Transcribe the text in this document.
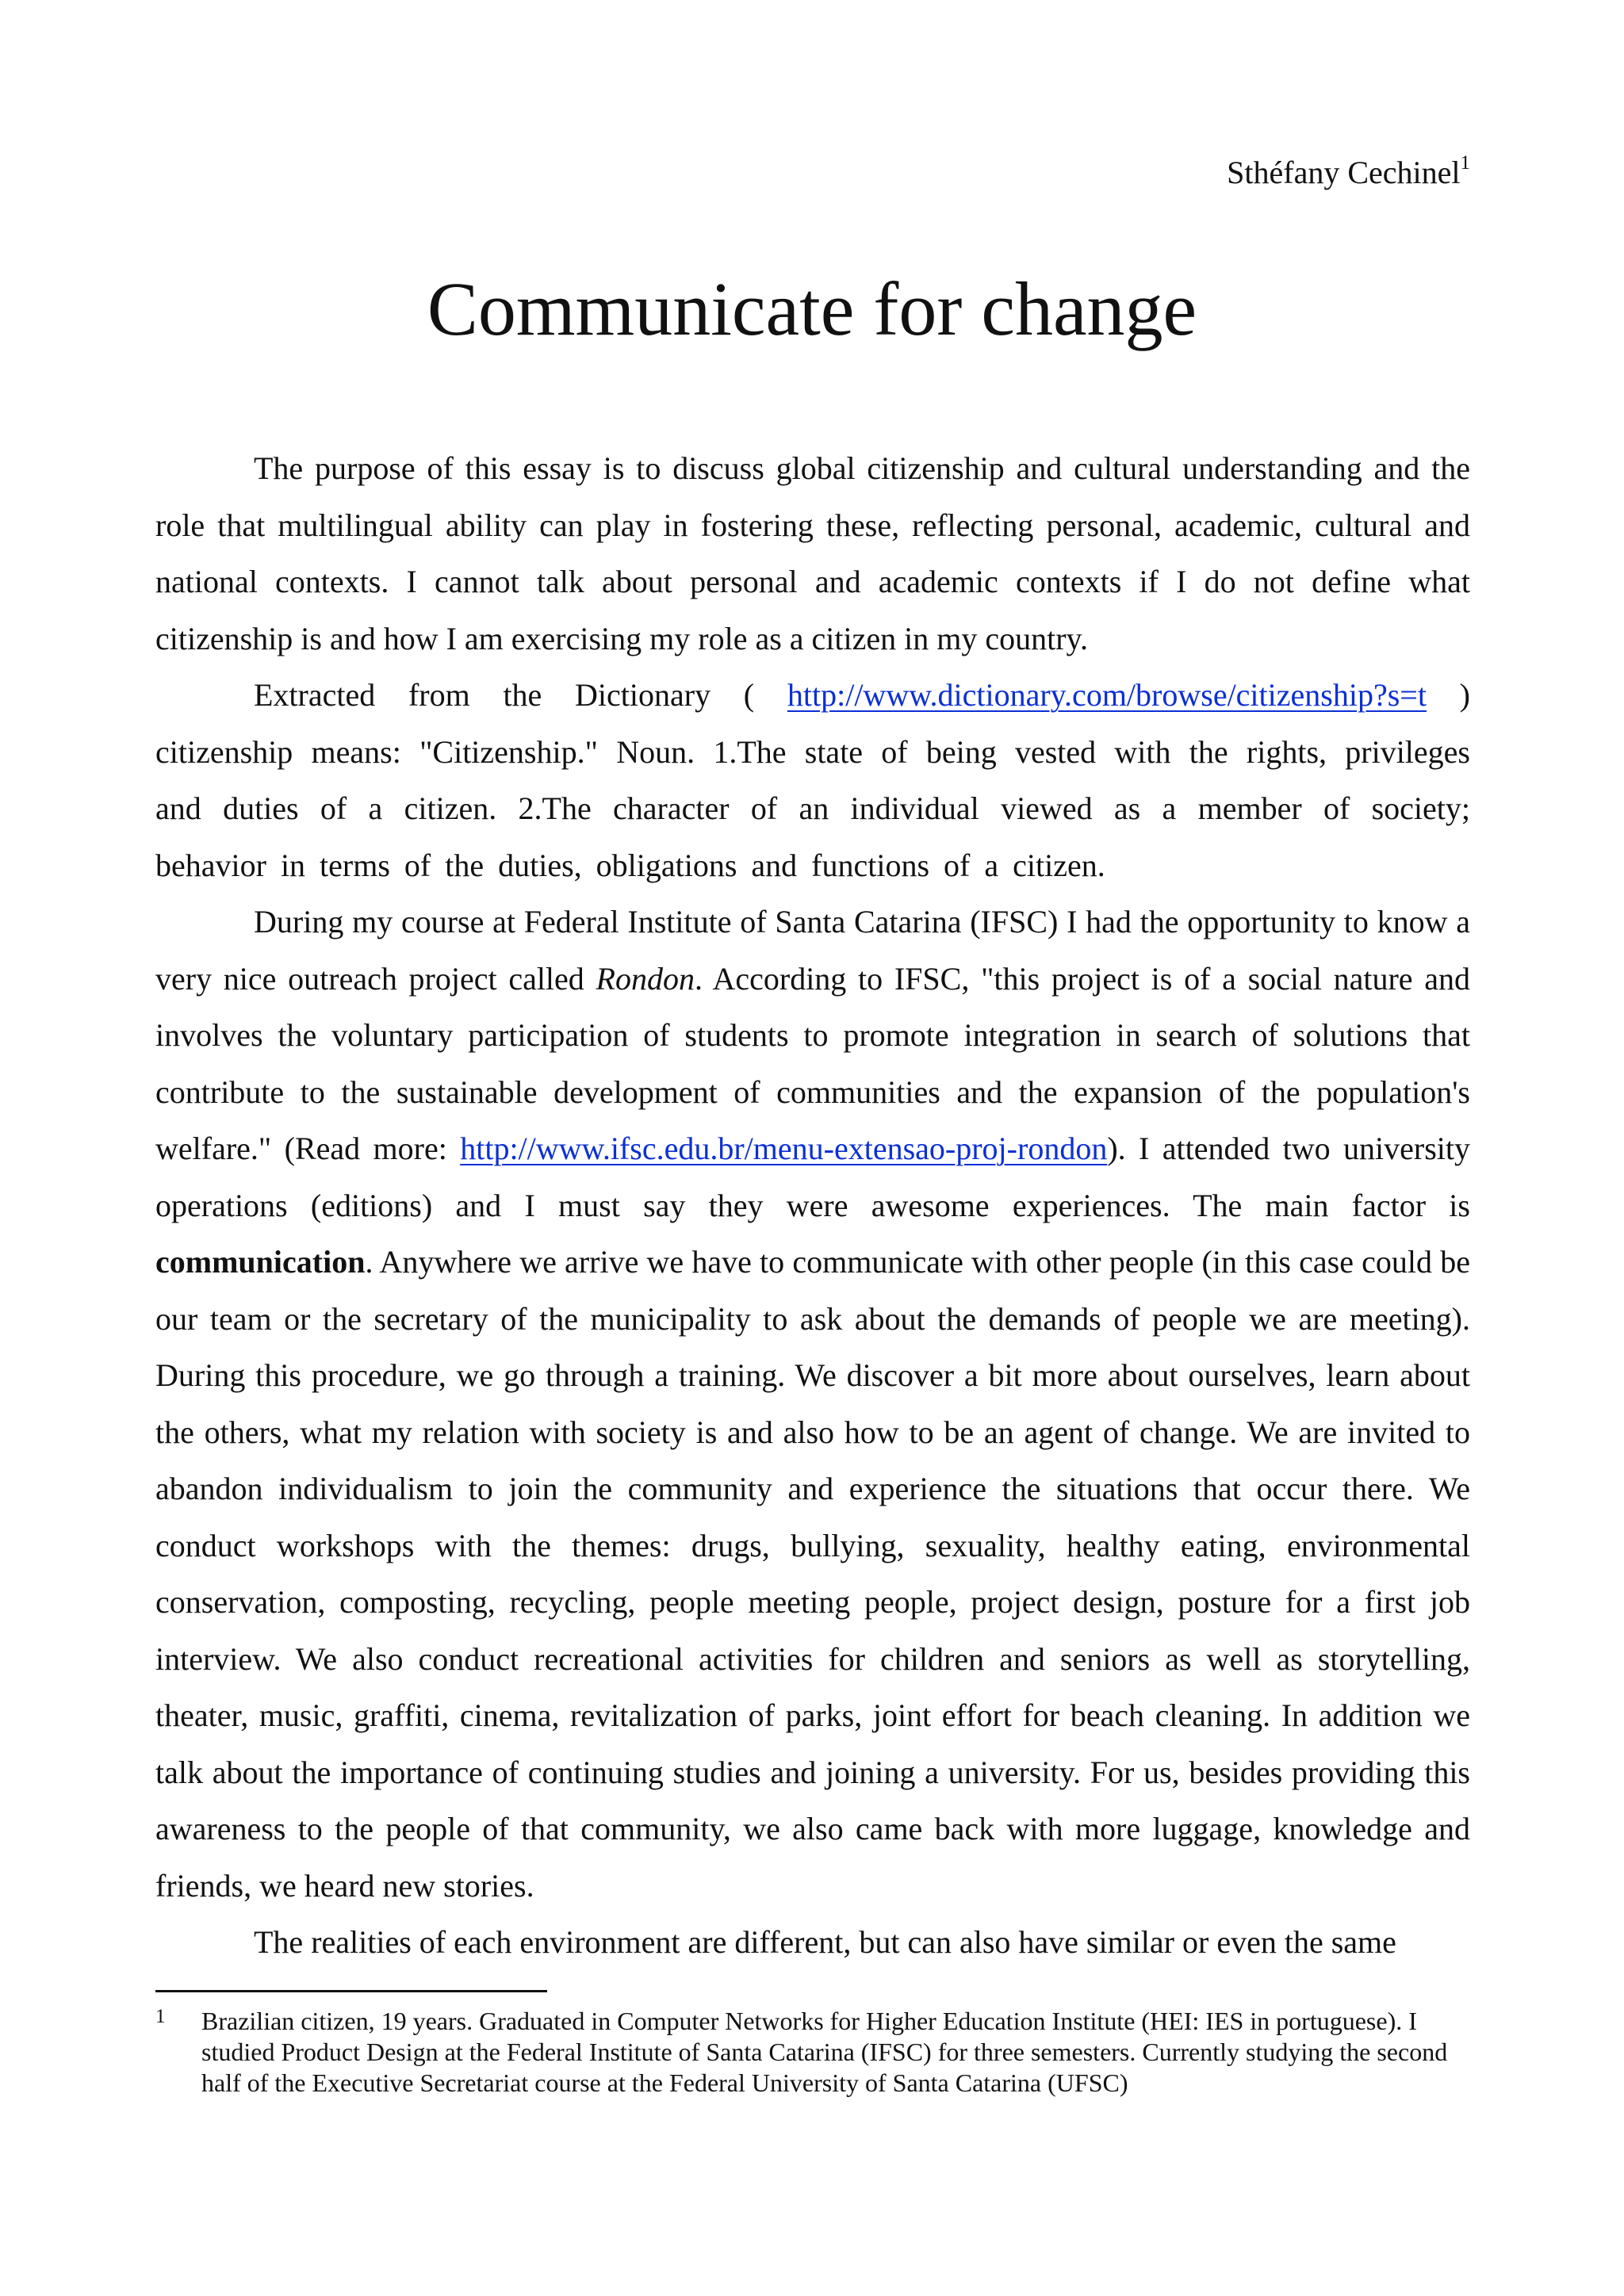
Sthéfany Cechinel$^1$
Communicate for change

The purpose of this essay is to discuss global citizenship and cultural understanding and the role that multilingual ability can play in fostering these, reflecting personal, academic, cultural and national contexts. I cannot talk about personal and academic contexts if I do not define what citizenship is and how I am exercising my role as a citizen in my country.

Extracted from the Dictionary ( http://www.dictionary.com/browse/citizenship?s=t ) citizenship means: "Citizenship." Noun. 1.The state of being vested with the rights, privileges and duties of a citizen. 2.The character of an individual viewed as a member of society; behavior in terms of the duties, obligations and functions of a citizen.

During my course at Federal Institute of Santa Catarina (IFSC) I had the opportunity to know a very nice outreach project called Rondon. According to IFSC, "this project is of a social nature and involves the voluntary participation of students to promote integration in search of solutions that contribute to the sustainable development of communities and the expansion of the population's welfare." (Read more: http://www.ifsc.edu.br/menu-extensao-proj-rondon). I attended two university operations (editions) and I must say they were awesome experiences. The main factor is communication. Anywhere we arrive we have to communicate with other people (in this case could be our team or the secretary of the municipality to ask about the demands of people we are meeting). During this procedure, we go through a training. We discover a bit more about ourselves, learn about the others, what my relation with society is and also how to be an agent of change. We are invited to abandon individualism to join the community and experience the situations that occur there. We conduct workshops with the themes: drugs, bullying, sexuality, healthy eating, environmental conservation, composting, recycling, people meeting people, project design, posture for a first job interview. We also conduct recreational activities for children and seniors as well as storytelling, theater, music, graffiti, cinema, revitalization of parks, joint effort for beach cleaning. In addition we talk about the importance of continuing studies and joining a university. For us, besides providing this awareness to the people of that community, we also came back with more luggage, knowledge and friends, we heard new stories.

The realities of each environment are different, but can also have similar or even the same

1 Brazilian citizen, 19 years. Graduated in Computer Networks for Higher Education Institute (HEI: IES in portuguese). I studied Product Design at the Federal Institute of Santa Catarina (IFSC) for three semesters. Currently studying the second half of the Executive Secretariat course at the Federal University of Santa Catarina (UFSC)
